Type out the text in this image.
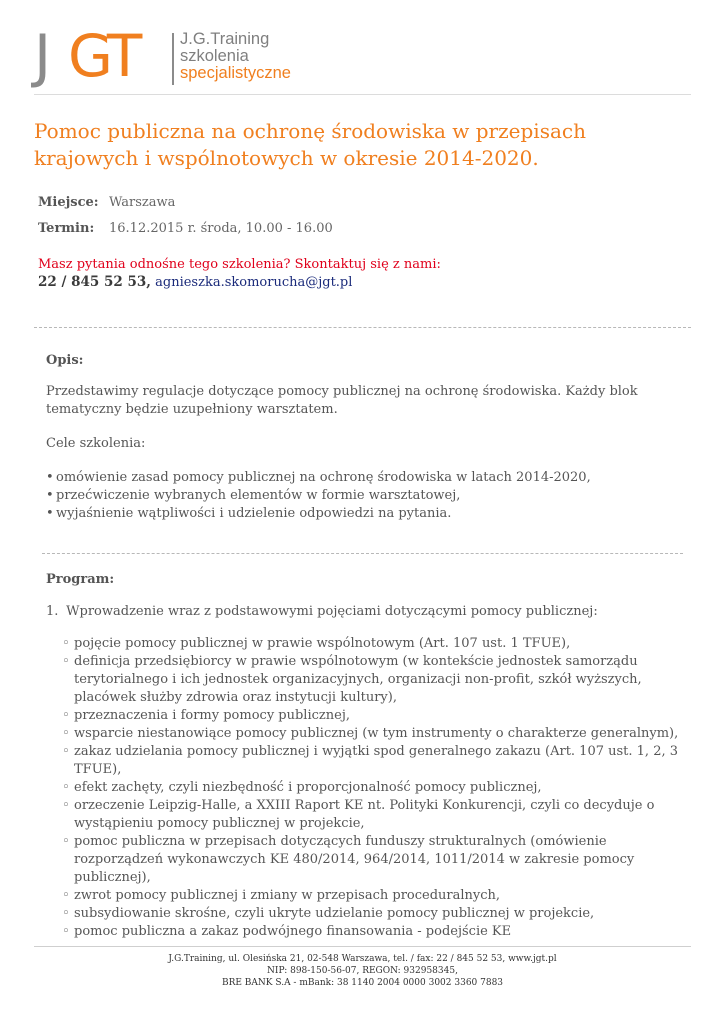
J GT	J.G.Training
szkolenia
specjalistyczne
Pomoc publiczna na ochronę środowiska w przepisach krajowych i wspólnotowych w okresie 2014-2020.
Miejsce: Warszawa
Termin: 16.12.2015 r. środa, 10.00 - 16.00
Masz pytania odnośne tego szkolenia? Skontaktuj się z nami:
22 / 845 52 53, agnieszka.skomorucha@jgt.pl
Opis:
Przedstawimy regulacje dotyczące pomocy publicznej na ochronę środowiska. Każdy blok tematyczny będzie uzupełniony warsztatem.
Cele szkolenia:
• omówienie zasad pomocy publicznej na ochronę środowiska w latach 2014-2020,
• przećwiczenie wybranych elementów w formie warsztatowej,
• wyjaśnienie wątpliwości i udzielenie odpowiedzi na pytania.
Program:
1. Wprowadzenie wraz z podstawowymi pojęciami dotyczącymi pomocy publicznej:
◦ pojęcie pomocy publicznej w prawie wspólnotowym (Art. 107 ust. 1 TFUE),
◦ definicja przedsiębiorcy w prawie wspólnotowym (w kontekście jednostek samorządu terytorialnego i ich jednostek organizacyjnych, organizacji non-profit, szkół wyższych, placówek służby zdrowia oraz instytucji kultury),
◦ przeznaczenia i formy pomocy publicznej,
◦ wsparcie niestanowiące pomocy publicznej (w tym instrumenty o charakterze generalnym),
◦ zakaz udzielania pomocy publicznej i wyjątki spod generalnego zakazu (Art. 107 ust. 1, 2, 3 TFUE),
◦ efekt zachęty, czyli niezbędność i proporcjonalność pomocy publicznej,
◦ orzeczenie Leipzig-Halle, a XXIII Raport KE nt. Polityki Konkurencji, czyli co decyduje o wystąpieniu pomocy publicznej w projekcie,
◦ pomoc publiczna w przepisach dotyczących funduszy strukturalnych (omówienie rozporządzeń wykonawczych KE 480/2014, 964/2014, 1011/2014 w zakresie pomocy publicznej),
◦ zwrot pomocy publicznej i zmiany w przepisach proceduralnych,
◦ subsydiowanie skrośne, czyli ukryte udzielanie pomocy publicznej w projekcie,
◦ pomoc publiczna a zakaz podwójnego finansowania - podejście KE
J.G.Training, ul. Olesińska 21, 02-548 Warszawa, tel. / fax: 22 / 845 52 53, www.jgt.pl
NIP: 898-150-56-07, REGON: 932958345,
BRE BANK S.A - mBank: 38 1140 2004 0000 3002 3360 7883
